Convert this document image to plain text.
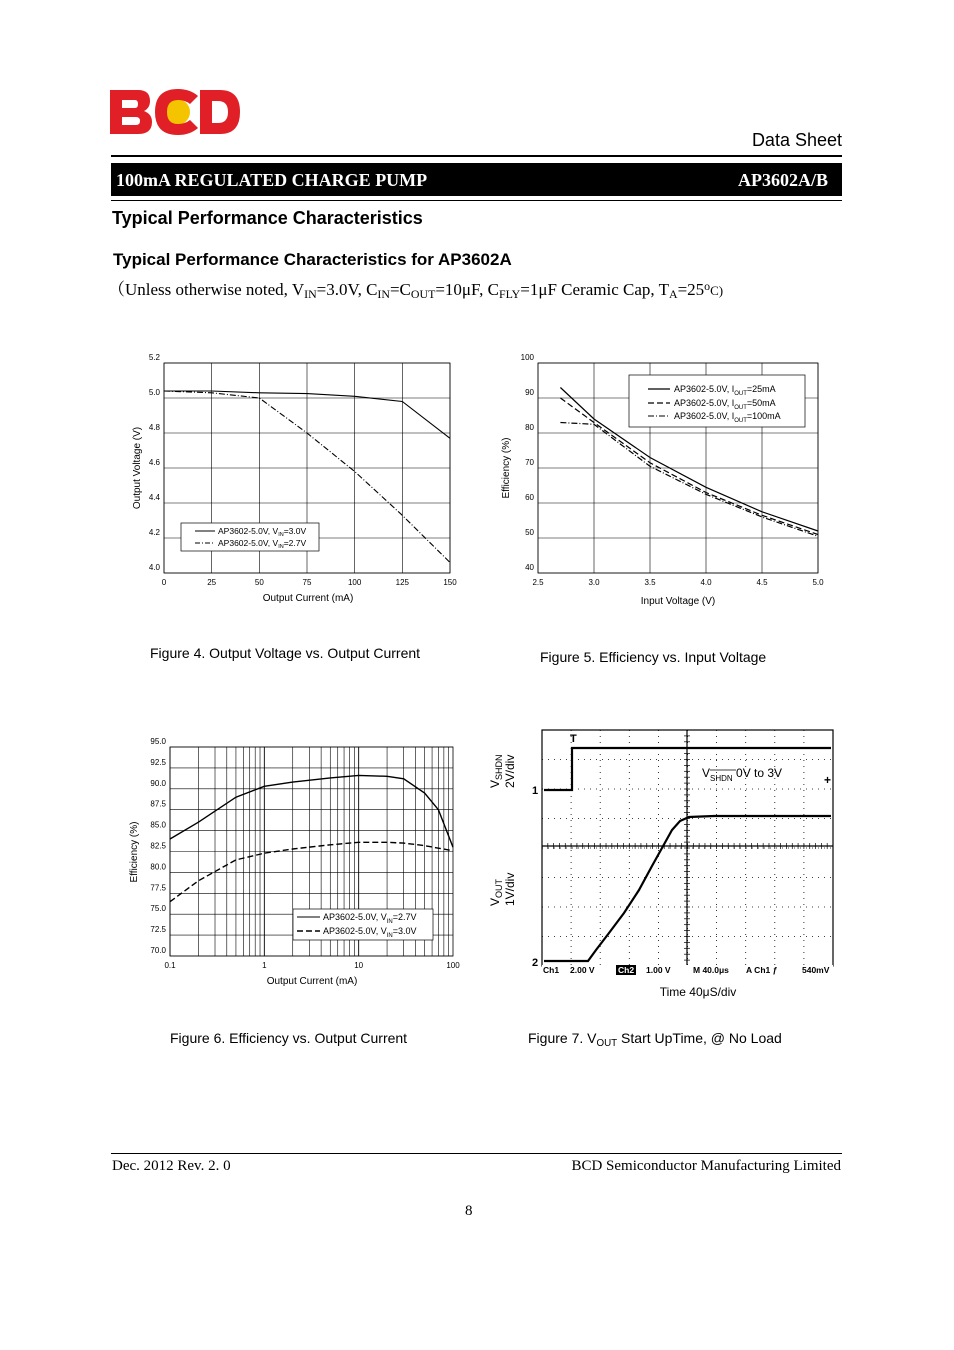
Data Sheet
100mA REGULATED CHARGE PUMP	AP3602A/B
Typical Performance Characteristics
Typical Performance Characteristics for AP3602A
（Unless otherwise noted, $V_{IN}=3.0V$, $C_{IN}=C_{OUT}=10\mu F$, $C_{FLY}=1\mu F$ Ceramic Cap, $T_A=25^oC$)
0	25	50	75	100	125	150
4.0
4.2
4.4
4.6
4.8
5.0
5.2
AP3602-5.0V, $V_{IN}=3.0V$
AP3602-5.0V, $V_{IN}=2.7V$
Output Current (mA)
Output Voltage (V)
Figure 4. Output Voltage vs. Output Current
2.5	3.0	3.5	4.0	4.5	5.0
40
50
60
70
80
90
100
AP3602-5.0V, $I_{OUT}=25mA$
AP3602-5.0V, $I_{OUT}=50mA$
AP3602-5.0V, $I_{OUT}=100mA$
Input Voltage (V)
Efficiency (%)
Figure 5. Efficiency vs. Input Voltage
0.1	1	10	100
70.0
72.5
75.0
77.5
80.0
82.5
85.0
87.5
90.0
92.5
95.0
AP3602-5.0V, $V_{IN}=2.7V$
AP3602-5.0V, $V_{IN}=3.0V$
Output Current (mA)
Efficiency (%)
Figure 6. Efficiency vs. Output Current
$V_{SHDN}$ 2V/div
$V_{OUT}$ 1V/div
T
1
2
+
$V_{SHDN}$ 0V to 3V
Ch1 2.00 V	Ch2 1.00 V	M 40.0μs A Ch1 ƒ	540mV
Time 40μS/div
Figure 7. $V_{OUT}$ Start UpTime, @ No Load
Dec. 2012 Rev. 2. 0	BCD Semiconductor Manufacturing Limited
8
